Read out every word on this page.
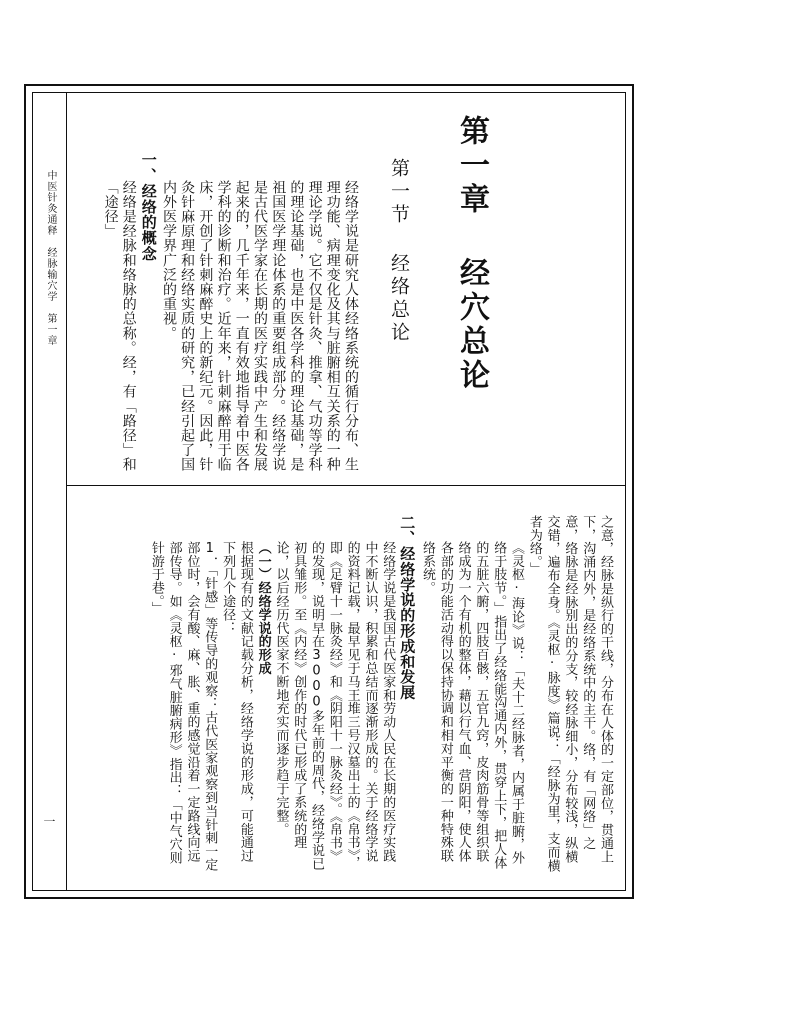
中医针灸通释　经脉输穴学　第一章
一
第一章经穴总论
第一节经络总论

经络学说是研究人体经络系统的循行分布、生理功能、病理变化及其与脏腑相互关系的一种理论学说。它不仅是针灸、推拿、气功等学科的理论基础，也是中医各学科的理论基础，是祖国医学理论体系的重要组成部分。经络学说是古代医学家在长期的医疗实践中产生和发展起来的，几千年来，一直有效地指导着中医各学科的诊断和治疗。近年来，针刺麻醉用于临床，开创了针刺麻醉史上的新纪元。因此，针灸针麻原理和经络实质的研究，已经引起了国内外医学界广泛的重视。

一、经络的概念

经络是经脉和络脉的总称。经，有「路径」和「途径」

之意，经脉是纵行的干线，分布在人体的一定部位，贯通上下，沟涌内外，是经络系统中的主干。络，有「网络」之意，络脉是经脉别出的分支，较经脉细小，分布较浅，纵横交错，遍布全身。《灵枢·脉度》篇说：「经脉为里，支而横者为络。」

《灵枢·海论》说：「夫十二经脉者，内属于脏腑，外络于肢节。」指出了经络能沟通内外，贯穿上下，把人体的五脏六腑，四肢百骸，五官九窍，皮肉筋骨等组织联络成为一个有机的整体，藉以行气血、营阴阳，使人体各部的功能活动得以保持协调和相对平衡的一种特殊联络系统。

二、经络学说的形成和发展

经络学说是我国古代医家和劳动人民在长期的医疗实践中不断认识，积累和总结而逐渐形成的。关于经络学说的资料记载，最早见于马王堆三号汉墓出土的《帛书》，即《足臂十一脉灸经》和《阴阳十一脉灸经》。《帛书》的发现，说明早在3000多年前的周代，经络学说已初具雏形。至《内经》创作的时代已形成了系统的理论，以后经历代医家不断地充实而逐步趋于完整。

（一）经络学说的形成

根据现有的文献记载分析，经络学说的形成，可能通过下列几个途径：

1．「针感」等传导的观察：古代医家观察到当针刺一定部位时，会有酸、麻、胀、重的感觉沿着一定路线向远部传导。如《灵枢·邪气脏腑病形》指出：「中气穴则针游于巷。」
